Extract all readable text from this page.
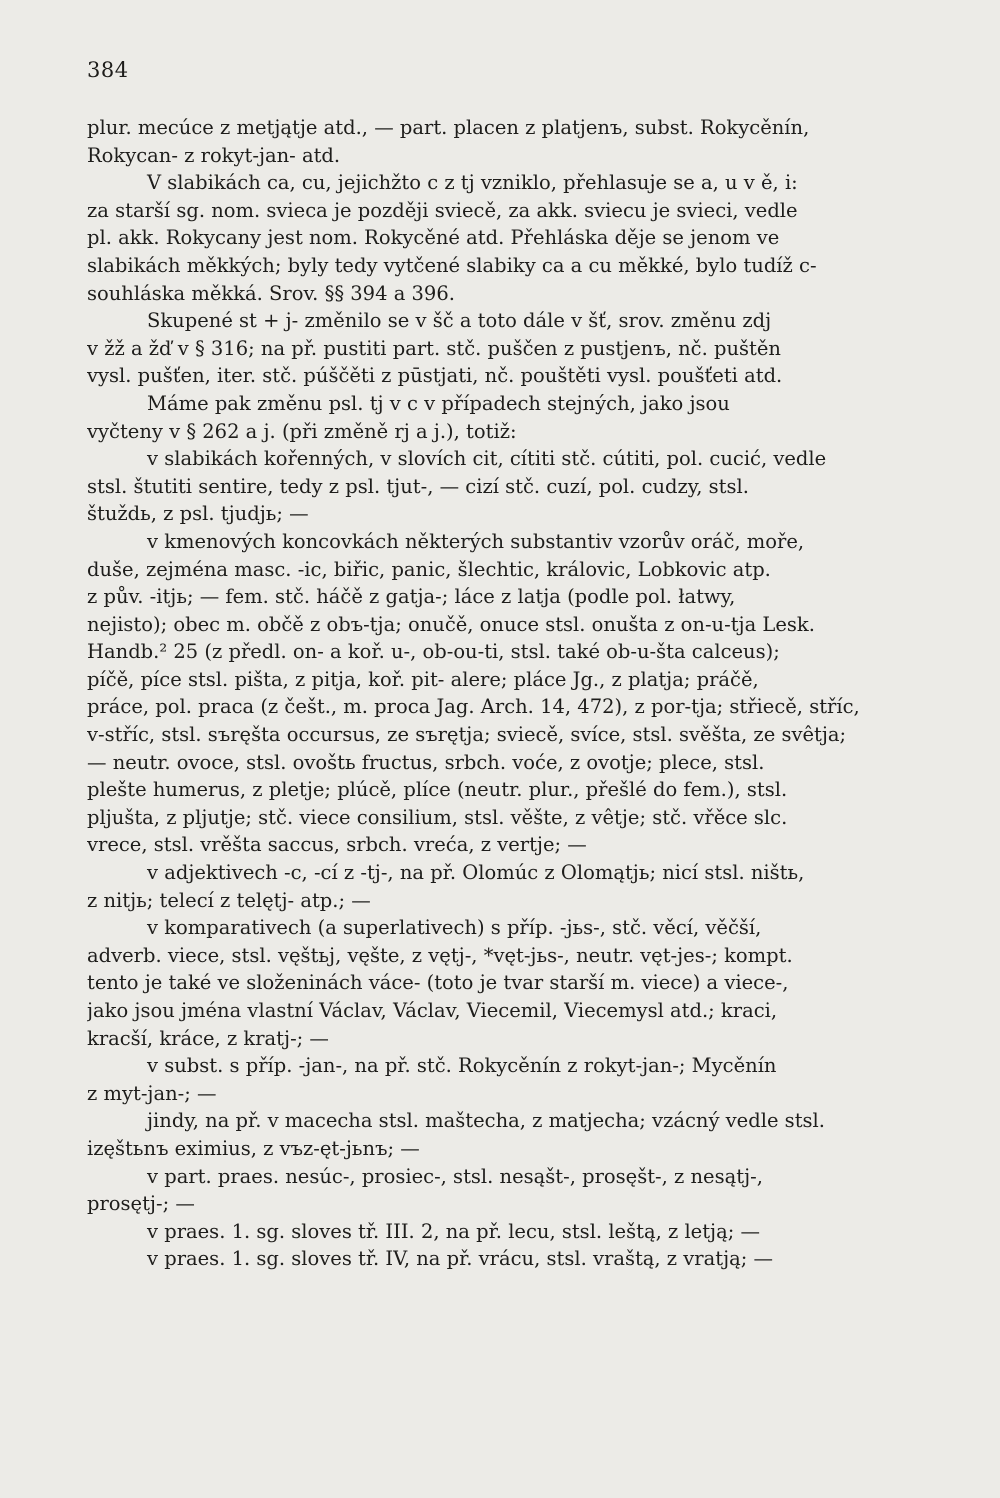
384
plur. mecúce z metjątje atd., — part. placen z platjenъ, subst. Rokycěnín,
Rokycan- z rokyt-jan- atd.
V slabikách ca, cu, jejichžto c z tj vzniklo, přehlasuje se a, u v ě, i:
za starší sg. nom. svieca je později sviecě, za akk. sviecu je svieci, vedle
pl. akk. Rokycany jest nom. Rokycěné atd. Přehláska děje se jenom ve
slabikách měkkých; byly tedy vytčené slabiky ca a cu měkké, bylo tudíž c-
souhláska měkká. Srov. §§ 394 a 396.
Skupené st + j- změnilo se v šč a toto dále v šť, srov. změnu zdj
v žž a žď v § 316; na př. pustiti part. stč. puščen z pustjenъ, nč. puštěn
vysl. pušťen, iter. stč. púščěti z pūstjati, nč. pouštěti vysl. poušťeti atd.
Máme pak změnu psl. tj v c v případech stejných, jako jsou
vyčteny v § 262 a j. (při změně rj a j.), totiž:
v slabikách kořenných, v slovích cit, cítiti stč. cútiti, pol. cucić, vedle
stsl. štutiti sentire, tedy z psl. tjut-, — cizí stč. cuzí, pol. cudzy, stsl.
štuždь, z psl. tjudjь; —
v kmenových koncovkách některých substantiv vzorův oráč, moře,
duše, zejména masc. -ic, biřic, panic, šlechtic, královic, Lobkovic atp.
z pův. -itjь; — fem. stč. háčě z gatja-; láce z latja (podle pol. łatwy,
nejisto); obec m. občě z obъ-tja; onučě, onuce stsl. onušta z on-u-tja Lesk.
Handb.² 25 (z předl. on- a koř. u-, ob-ou-ti, stsl. také ob-u-šta calceus);
píčě, píce stsl. pišta, z pitja, koř. pit- alere; pláce Jg., z platja; práčě,
práce, pol. praca (z češt., m. proca Jag. Arch. 14, 472), z por-tja; střiecě, stříc,
v-stříc, stsl. sъręšta occursus, ze sъrętja; sviecě, svíce, stsl. svěšta, ze svêtja;
— neutr. ovoce, stsl. ovoštь fructus, srbch. voće, z ovotje; plece, stsl.
plešte humerus, z pletje; plúcě, plíce (neutr. plur., přešlé do fem.), stsl.
pljušta, z pljutje; stč. viece consilium, stsl. věšte, z vêtje; stč. vřěce slc.
vrece, stsl. vrěšta saccus, srbch. vreća, z vertje; —
v adjektivech -c, -cí z -tj-, na př. Olomúc z Olomątjь; nicí stsl. ništь,
z nitjь; telecí z telętj- atp.; —
v komparativech (a superlativech) s příp. -jьs-, stč. věcí, věčší,
adverb. viece, stsl. vęštьj, vęšte, z vętj-, *vęt-jьs-, neutr. vęt-jes-; kompt.
tento je také ve složeninách váce- (toto je tvar starší m. viece) a viece-,
jako jsou jména vlastní Václav, Václav, Viecemil, Viecemysl atd.; kraci,
kracší, kráce, z kratj-; —
v subst. s příp. -jan-, na př. stč. Rokycěnín z rokyt-jan-; Mycěnín
z myt-jan-; —
jindy, na př. v macecha stsl. maštecha, z matjecha; vzácný vedle stsl.
izęštьnъ eximius, z vъz-ęt-jьnъ; —
v part. praes. nesúc-, prosiec-, stsl. nesąšt-, prosęšt-, z nesątj-,
prosętj-; —
v praes. 1. sg. sloves tř. III. 2, na př. lecu, stsl. leštą, z letją; —
v praes. 1. sg. sloves tř. IV, na př. vrácu, stsl. vraštą, z vratją; —
